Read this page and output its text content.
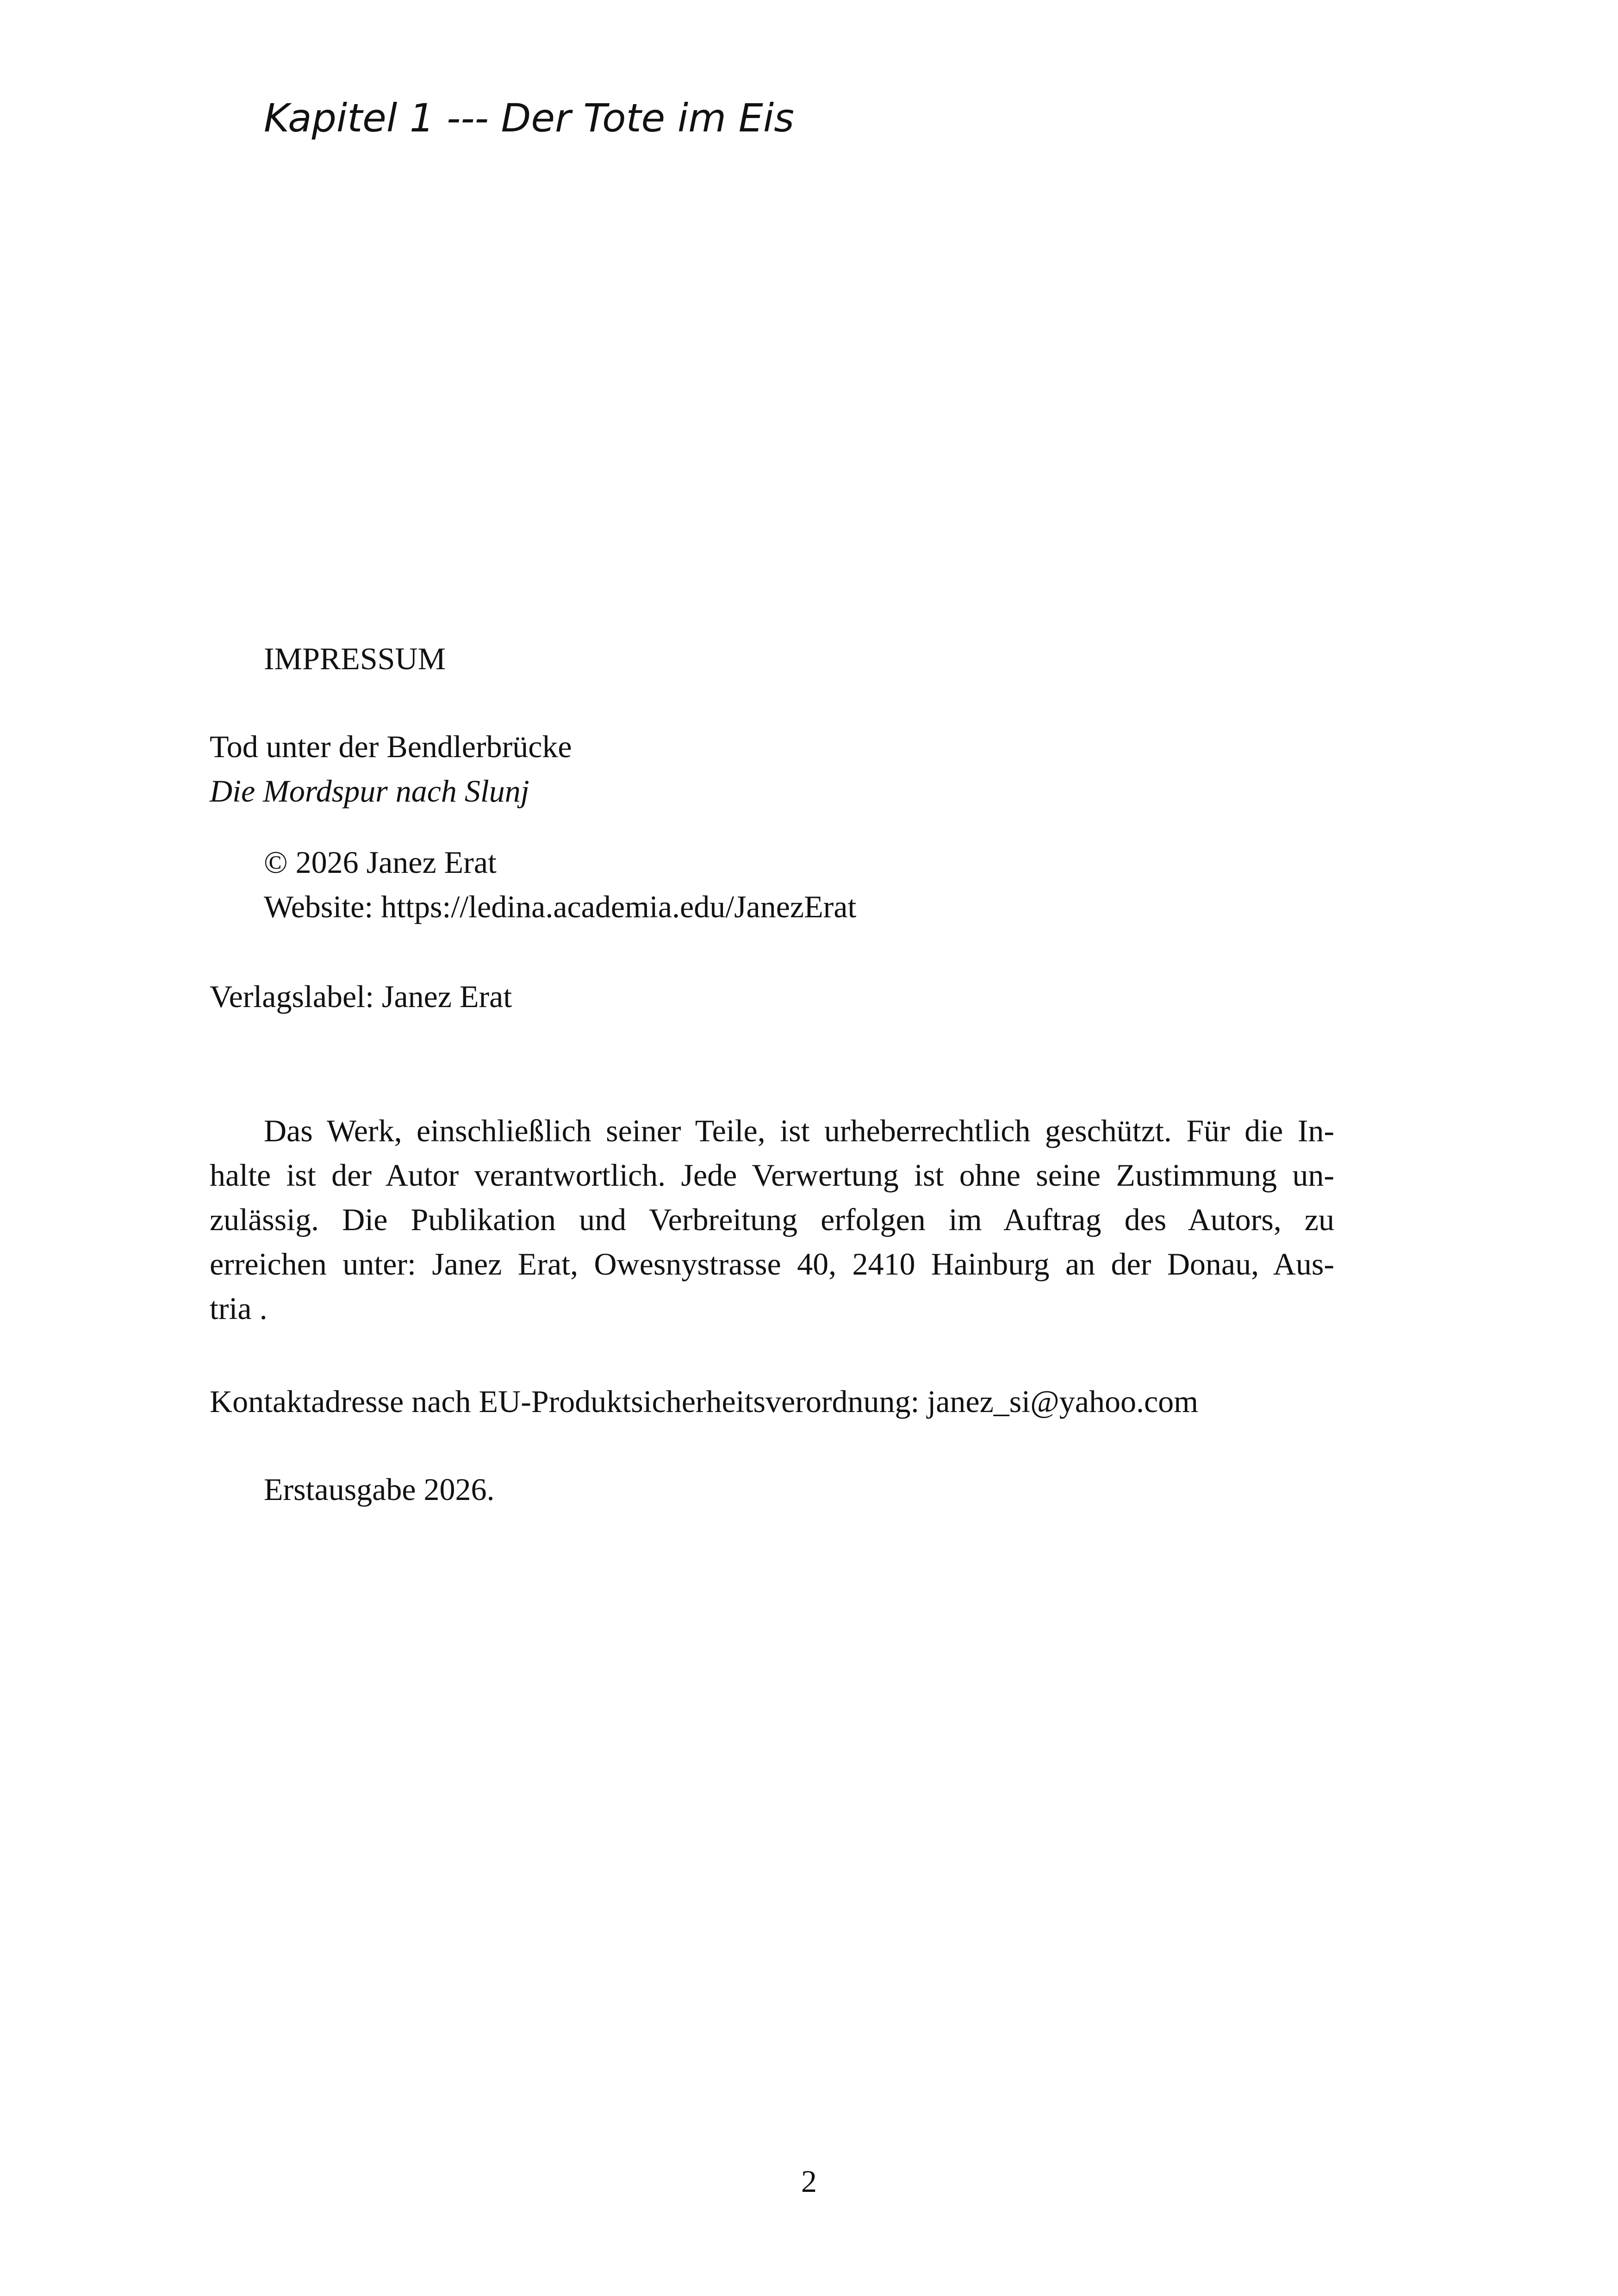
Kapitel 1 --- Der Tote im Eis
IMPRESSUM
Tod unter der Bendlerbrücke
Die Mordspur nach Slunj
© 2026 Janez Erat
Website: https://ledina.academia.edu/JanezErat
Verlagslabel: Janez Erat
Das Werk, einschließlich seiner Teile, ist urheberrechtlich geschützt. Für die In-
halte ist der Autor verantwortlich. Jede Verwertung ist ohne seine Zustimmung un-
zulässig. Die Publikation und Verbreitung erfolgen im Auftrag des Autors, zu
erreichen unter: Janez Erat, Owesnystrasse 40, 2410 Hainburg an der Donau, Aus-
tria .
Kontaktadresse nach EU-Produktsicherheitsverordnung: janez_si@yahoo.com
Erstausgabe 2026.
2
